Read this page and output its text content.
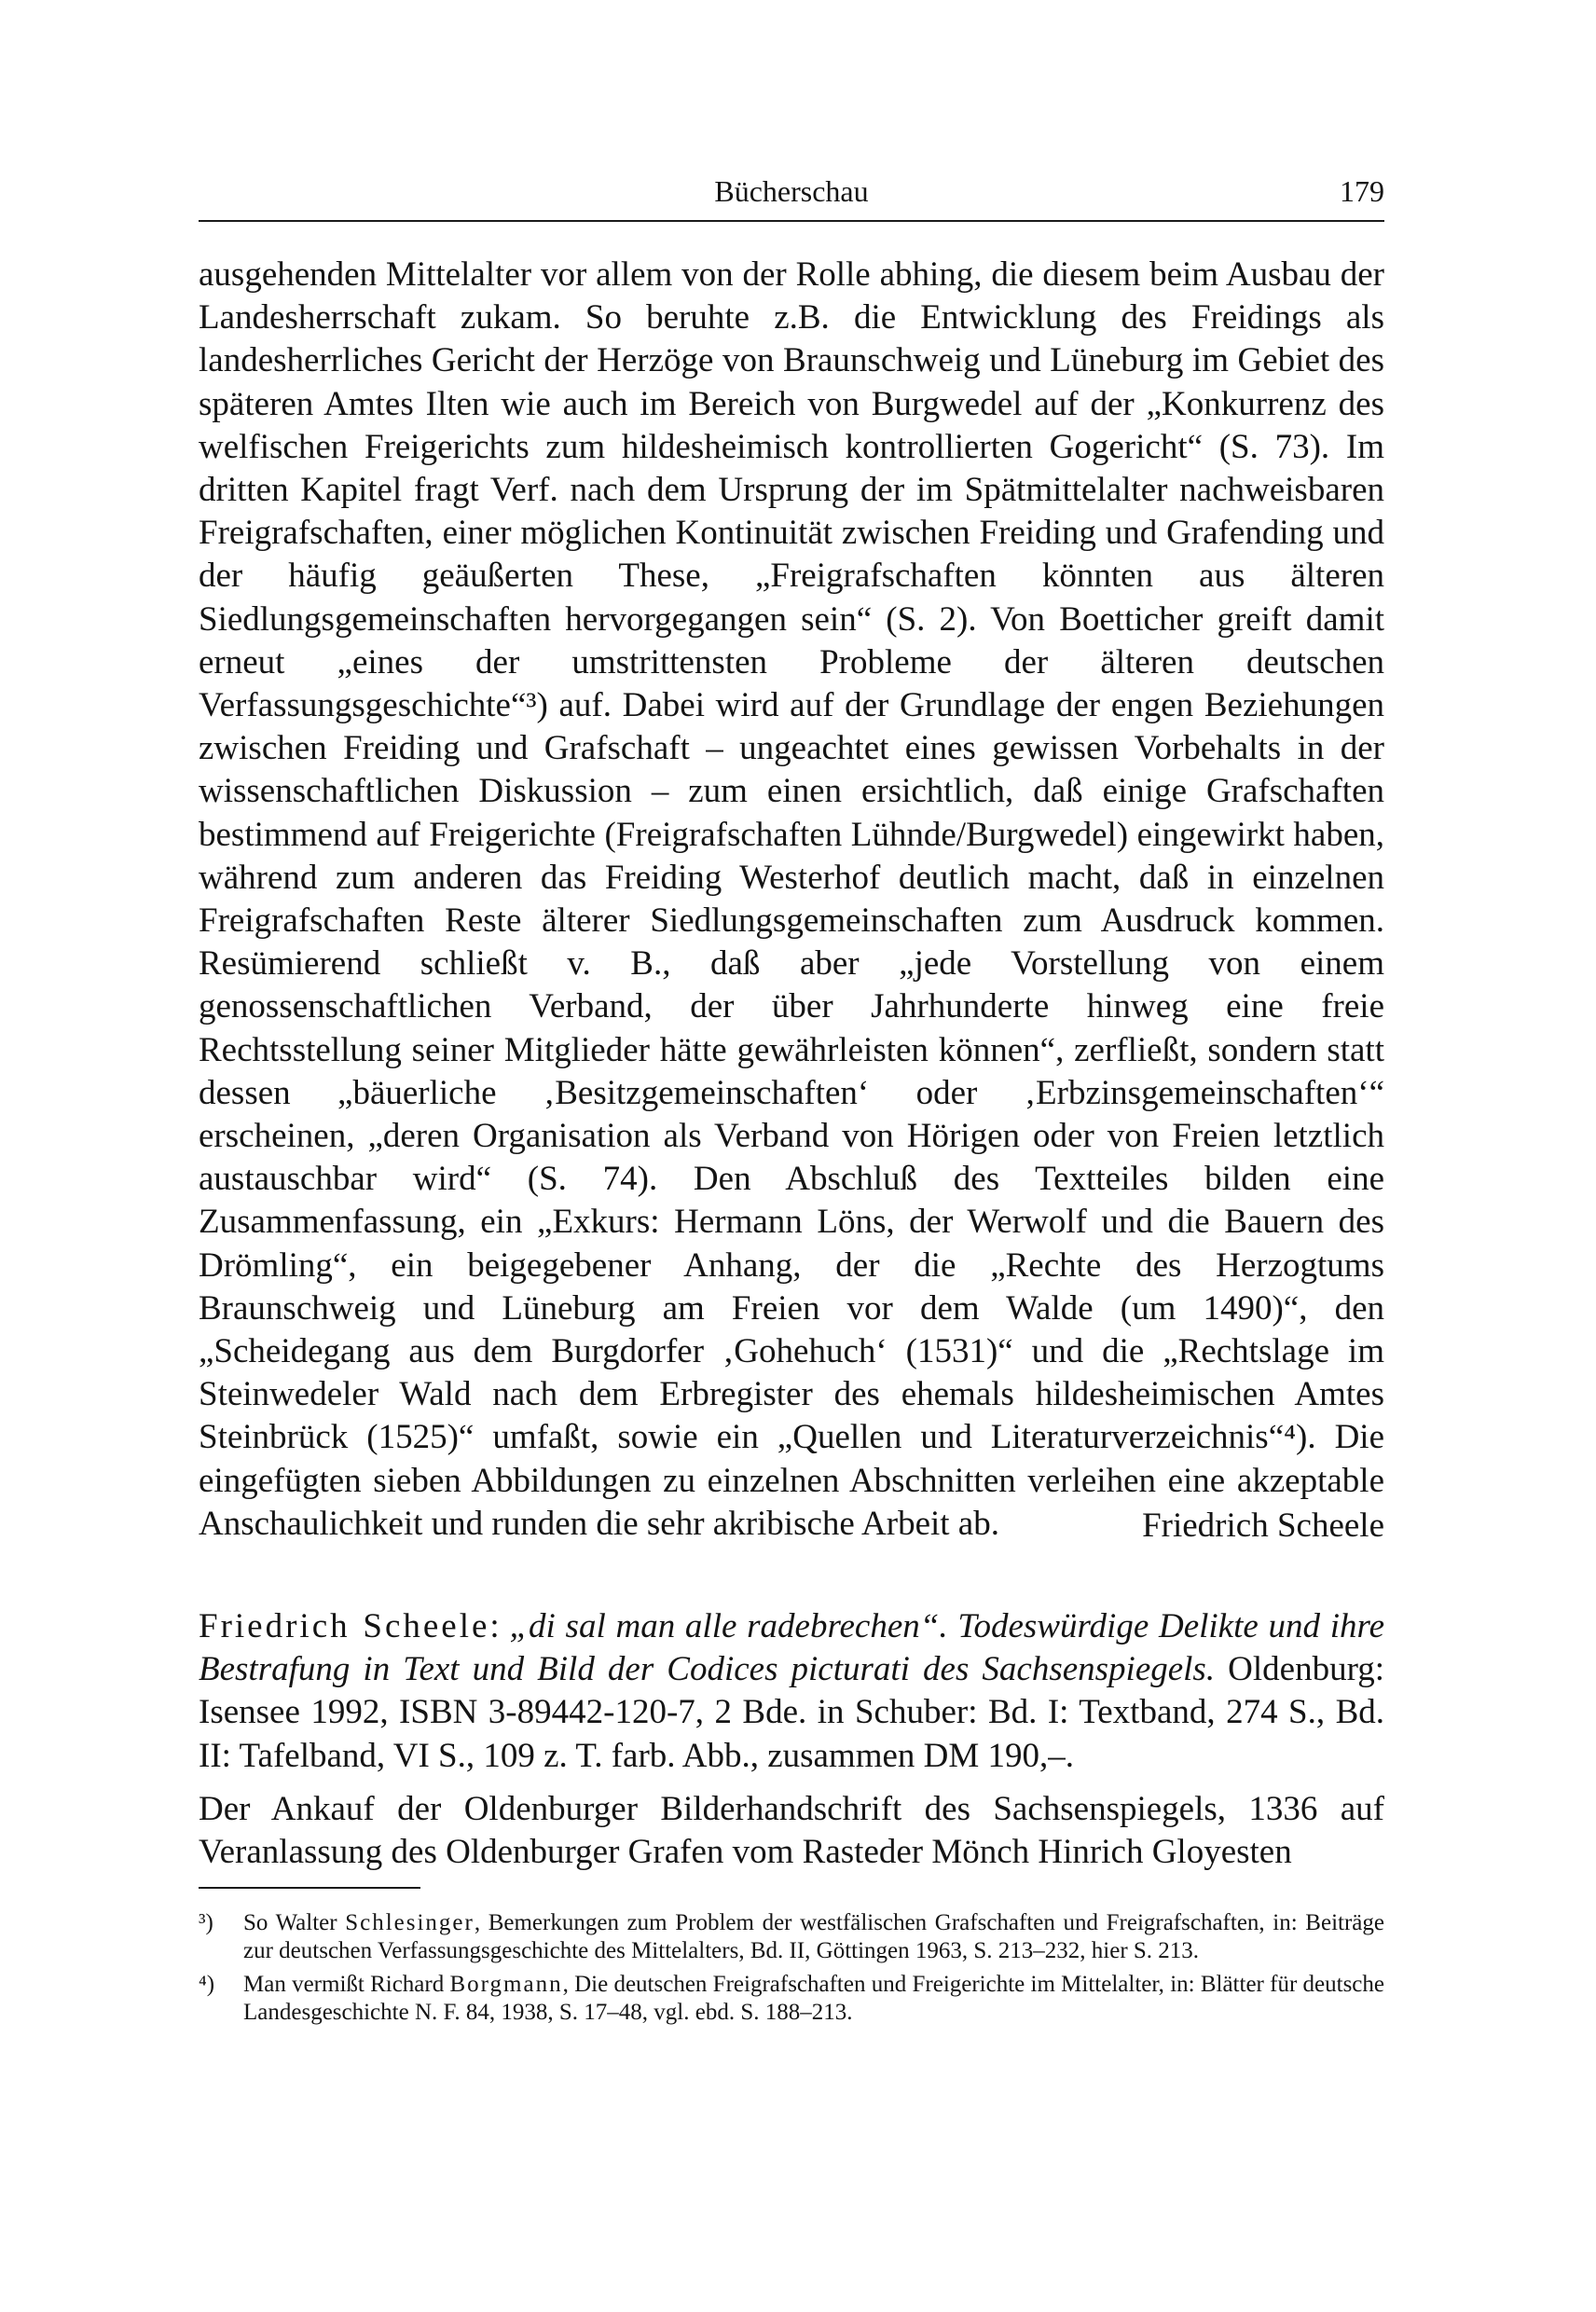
Bücherschau	179

ausgehenden Mittelalter vor allem von der Rolle abhing, die diesem beim Ausbau der Landesherrschaft zukam. So beruhte z.B. die Entwicklung des Freidings als landesherrliches Gericht der Herzöge von Braunschweig und Lüneburg im Gebiet des späteren Amtes Ilten wie auch im Bereich von Burgwedel auf der „Konkurrenz des welfischen Freigerichts zum hildesheimisch kontrollierten Gogericht“ (S. 73). Im dritten Kapitel fragt Verf. nach dem Ursprung der im Spätmittelalter nachweisbaren Freigrafschaften, einer möglichen Kontinuität zwischen Freiding und Grafending und der häufig geäußerten These, „Freigrafschaften könnten aus älteren Siedlungsgemeinschaften hervorgegangen sein“ (S. 2). Von Boetticher greift damit erneut „eines der umstrittensten Probleme der älteren deutschen Verfassungsgeschichte“³) auf. Dabei wird auf der Grundlage der engen Beziehungen zwischen Freiding und Grafschaft – ungeachtet eines gewissen Vorbehalts in der wissenschaftlichen Diskussion – zum einen ersichtlich, daß einige Grafschaften bestimmend auf Freigerichte (Freigrafschaften Lühnde/Burgwedel) eingewirkt haben, während zum anderen das Freiding Westerhof deutlich macht, daß in einzelnen Freigrafschaften Reste älterer Siedlungsgemeinschaften zum Ausdruck kommen. Resümierend schließt v. B., daß aber „jede Vorstellung von einem genossenschaftlichen Verband, der über Jahrhunderte hinweg eine freie Rechtsstellung seiner Mitglieder hätte gewährleisten können“, zerfließt, sondern statt dessen „bäuerliche ‚Besitzgemeinschaften‘ oder ‚Erbzinsgemeinschaften‘“ erscheinen, „deren Organisation als Verband von Hörigen oder von Freien letztlich austauschbar wird“ (S. 74). Den Abschluß des Textteiles bilden eine Zusammenfassung, ein „Exkurs: Hermann Löns, der Werwolf und die Bauern des Drömling“, ein beigegebener Anhang, der die „Rechte des Herzogtums Braunschweig und Lüneburg am Freien vor dem Walde (um 1490)“, den „Scheidegang aus dem Burgdorfer ‚Gohehuch‘ (1531)“ und die „Rechtslage im Steinwedeler Wald nach dem Erbregister des ehemals hildesheimischen Amtes Steinbrück (1525)“ umfaßt, sowie ein „Quellen und Literaturverzeichnis“⁴). Die eingefügten sieben Abbildungen zu einzelnen Abschnitten verleihen eine akzeptable Anschaulichkeit und runden die sehr akribische Arbeit ab.	Friedrich Scheele
Friedrich Scheele: „di sal man alle radebrechen“. Todeswürdige Delikte und ihre Bestrafung in Text und Bild der Codices picturati des Sachsenspiegels. Oldenburg: Isensee 1992, ISBN 3-89442-120-7, 2 Bde. in Schuber: Bd. I: Textband, 274 S., Bd. II: Tafelband, VI S., 109 z. T. farb. Abb., zusammen DM 190,–.
Der Ankauf der Oldenburger Bilderhandschrift des Sachsenspiegels, 1336 auf Veranlassung des Oldenburger Grafen vom Rasteder Mönch Hinrich Gloyesten
³)	So Walter Schlesinger, Bemerkungen zum Problem der westfälischen Grafschaften und Freigrafschaften, in: Beiträge zur deutschen Verfassungsgeschichte des Mittelalters, Bd. II, Göttingen 1963, S. 213–232, hier S. 213.
⁴)	Man vermißt Richard Borgmann, Die deutschen Freigrafschaften und Freigerichte im Mittelalter, in: Blätter für deutsche Landesgeschichte N. F. 84, 1938, S. 17–48, vgl. ebd. S. 188–213.
